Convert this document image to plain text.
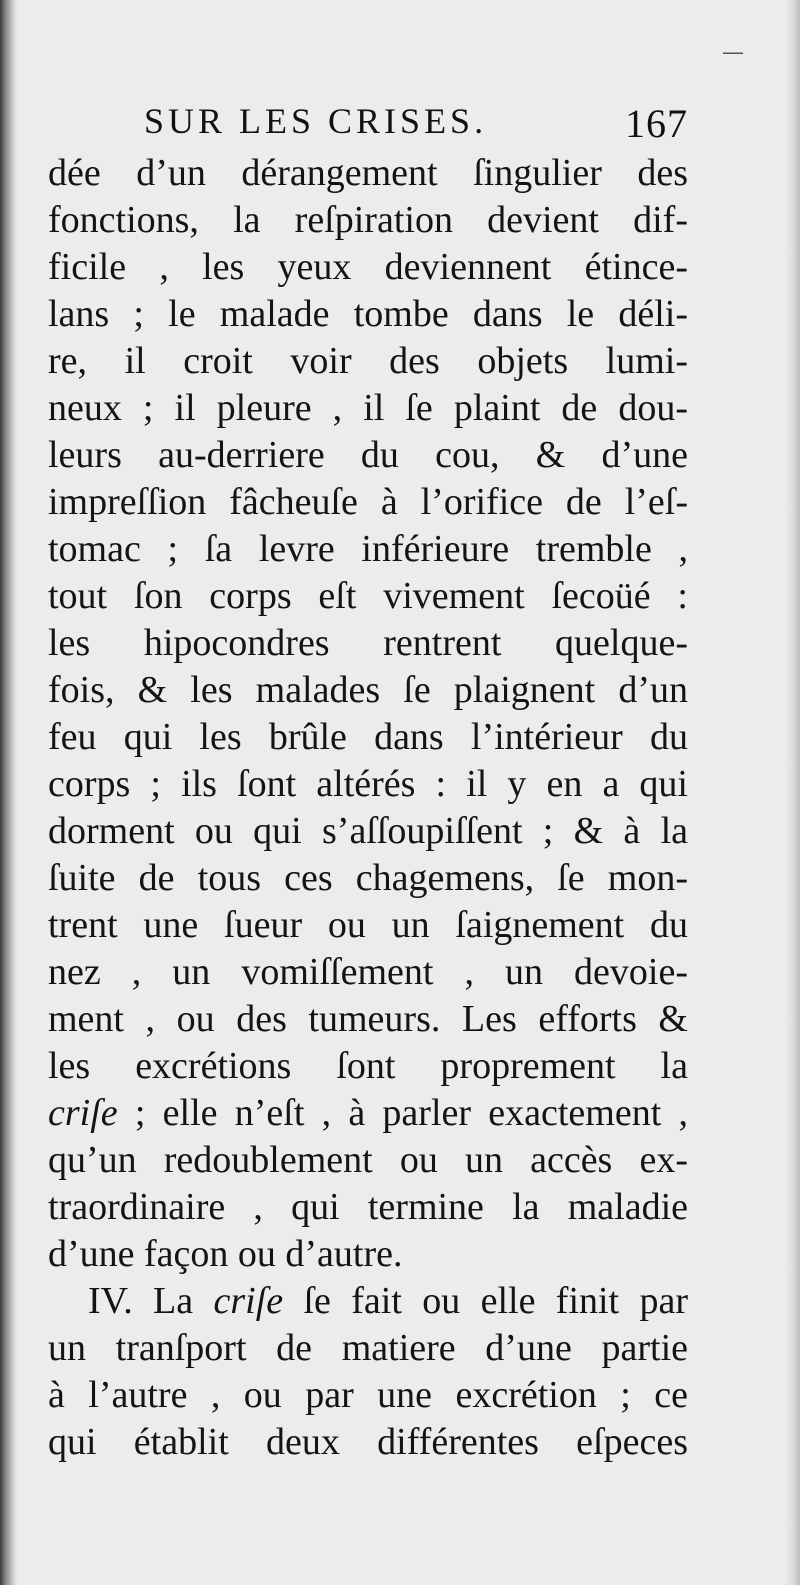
—
SUR LES CRISES.	167
dée d’un dérangement ſingulier des
fonctions, la reſpiration devient dif-
ficile , les yeux deviennent étince-
lans ; le malade tombe dans le déli-
re, il croit voir des objets lumi-
neux ; il pleure , il ſe plaint de dou-
leurs au-derriere du cou, & d’une
impreſſion fâcheuſe à l’orifice de l’eſ-
tomac ; ſa levre inférieure tremble ,
tout ſon corps eſt vivement ſecoüé :
les hipocondres rentrent quelque-
fois, & les malades ſe plaignent d’un
feu qui les brûle dans l’intérieur du
corps ; ils ſont altérés : il y en a qui
dorment ou qui s’aſſoupiſſent ; & à la
ſuite de tous ces chagemens, ſe mon-
trent une ſueur ou un ſaignement du
nez , un vomiſſement , un devoie-
ment , ou des tumeurs. Les efforts &
les excrétions ſont proprement la
criſe ; elle n’eſt , à parler exactement ,
qu’un redoublement ou un accès ex-
traordinaire , qui termine la maladie
d’une façon ou d’autre.
IV. La criſe ſe fait ou elle finit par
un tranſport de matiere d’une partie
à l’autre , ou par une excrétion ; ce
qui établit deux différentes eſpeces
